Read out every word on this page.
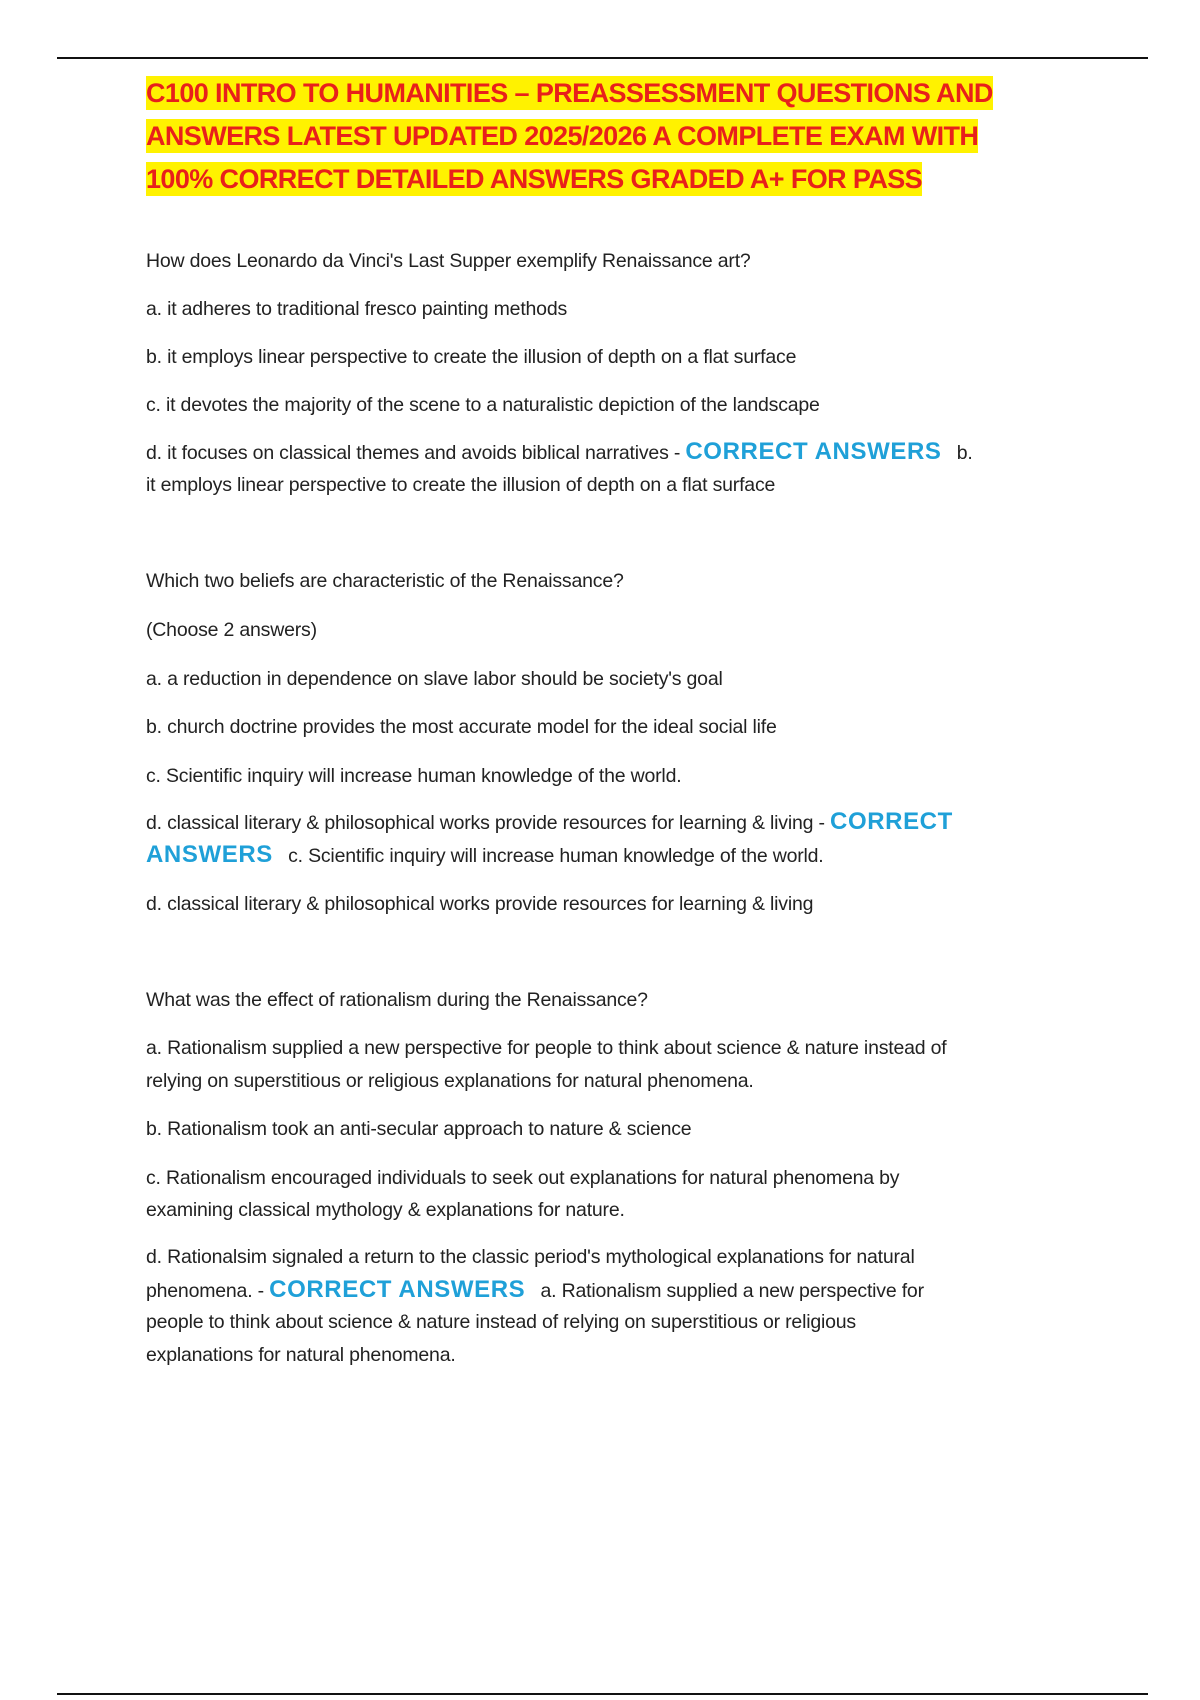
C100 INTRO TO HUMANITIES – PREASSESSMENT QUESTIONS AND
ANSWERS LATEST UPDATED 2025/2026 A COMPLETE EXAM WITH
100% CORRECT DETAILED ANSWERS GRADED A+ FOR PASS
How does Leonardo da Vinci's Last Supper exemplify Renaissance art?
a. it adheres to traditional fresco painting methods
b. it employs linear perspective to create the illusion of depth on a flat surface
c. it devotes the majority of the scene to a naturalistic depiction of the landscape
d. it focuses on classical themes and avoids biblical narratives - CORRECT ANSWERS b.
it employs linear perspective to create the illusion of depth on a flat surface
Which two beliefs are characteristic of the Renaissance?
(Choose 2 answers)
a. a reduction in dependence on slave labor should be society's goal
b. church doctrine provides the most accurate model for the ideal social life
c. Scientific inquiry will increase human knowledge of the world.
d. classical literary & philosophical works provide resources for learning & living - CORRECT
ANSWERS c. Scientific inquiry will increase human knowledge of the world.
d. classical literary & philosophical works provide resources for learning & living
What was the effect of rationalism during the Renaissance?
a. Rationalism supplied a new perspective for people to think about science & nature instead of
relying on superstitious or religious explanations for natural phenomena.
b. Rationalism took an anti-secular approach to nature & science
c. Rationalism encouraged individuals to seek out explanations for natural phenomena by
examining classical mythology & explanations for nature.
d. Rationalsim signaled a return to the classic period's mythological explanations for natural
phenomena. - CORRECT ANSWERS a. Rationalism supplied a new perspective for
people to think about science & nature instead of relying on superstitious or religious
explanations for natural phenomena.
